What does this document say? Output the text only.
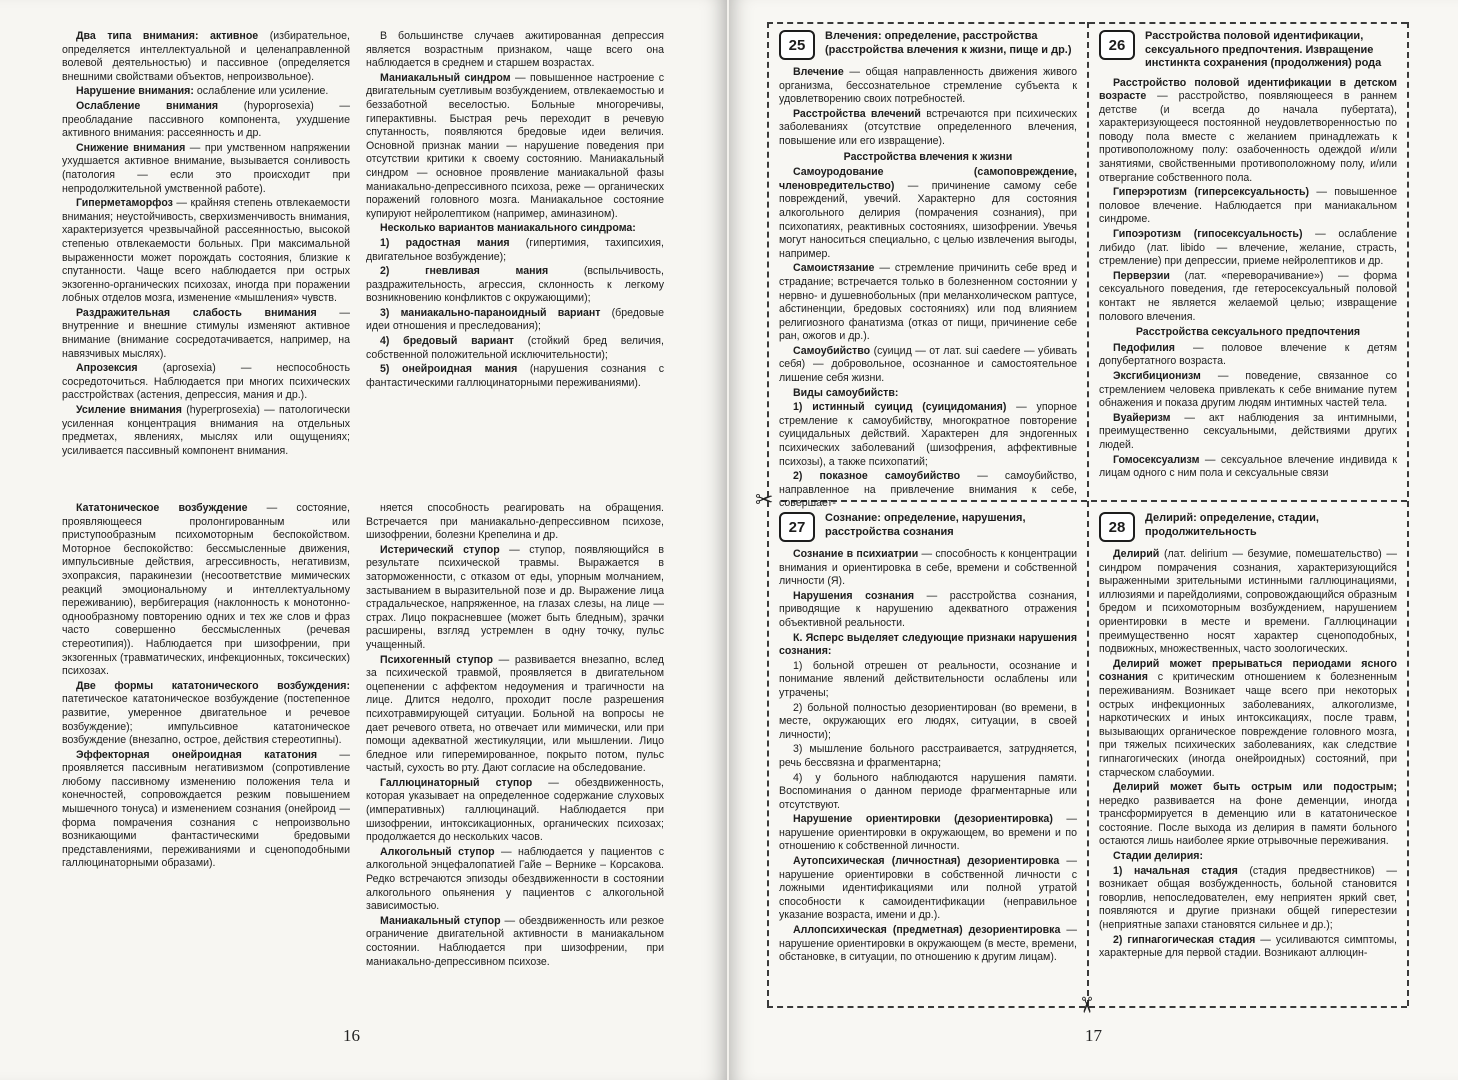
Два типа внимания: активное (избирательное, определяется интеллектуальной и целенаправленной волевой деятельностью) и пассивное (определяется внешними свойствами объектов, непроизвольное).

Нарушение внимания: ослабление или усиление.

Ослабление внимания (hypoprosexia) — преобладание пассивного компонента, ухудшение активного внимания: рассеянность и др.

Снижение внимания — при умственном напряжении ухудшается активное внимание, вызывается сонливость (патология — если это происходит при непродолжительной умственной работе).

Гиперметаморфоз — крайняя степень отвлекаемости внимания; неустойчивость, сверхизменчивость внимания, характеризуется чрезвычайной рассеянностью, высокой степенью отвлекаемости больных. При максимальной выраженности может порождать состояния, близкие к спутанности. Чаще всего наблюдается при острых экзогенно-органических психозах, иногда при поражении лобных отделов мозга, изменение «мышления» чувств.

Раздражительная слабость внимания — внутренние и внешние стимулы изменяют активное внимание (внимание сосредотачивается, например, на навязчивых мыслях).

Апрозексия (aprosexia) — неспособность сосредоточиться. Наблюдается при многих психических расстройствах (астения, депрессия, мания и др.).

Усиление внимания (hyperprosexia) — патологически усиленная концентрация внимания на отдельных предметах, явлениях, мыслях или ощущениях; усиливается пассивный компонент внимания.

В большинстве случаев ажитированная депрессия является возрастным признаком, чаще всего она наблюдается в среднем и старшем возрастах.

Маниакальный синдром — повышенное настроение с двигательным суетливым возбуждением, отвлекаемостью и беззаботной веселостью. Больные многоречивы, гиперактивны. Быстрая речь переходит в речевую спутанность, появляются бредовые идеи величия. Основной признак мании — нарушение поведения при отсутствии критики к своему состоянию. Маниакальный синдром — основное проявление маниакальной фазы маниакально-депрессивного психоза, реже — органических поражений головного мозга. Маниакальное состояние купируют нейролептиком (например, аминазином).

Несколько вариантов маниакального синдрома:

1) радостная мания (гипертимия, тахипсихия, двигательное возбуждение);

2) гневливая мания (вспыльчивость, раздражительность, агрессия, склонность к легкому возникновению конфликтов с окружающими);

3) маниакально-параноидный вариант (бредовые идеи отношения и преследования);

4) бредовый вариант (стойкий бред величия, собственной положительной исключительности);

5) онейроидная мания (нарушения сознания с фантастическими галлюцинаторными переживаниями).

Кататоническое возбуждение — состояние, проявляющееся пролонгированным или приступообразным психомоторным беспокойством. Моторное беспокойство: бессмысленные движения, импульсивные действия, агрессивность, негативизм, эхопраксия, паракинезии (несоответствие мимических реакций эмоциональному и интеллектуальному переживанию), вербигерация (наклонность к монотонно-однообразному повторению одних и тех же слов и фраз часто совершенно бессмысленных (речевая стереотипия)). Наблюдается при шизофрении, при экзогенных (травматических, инфекционных, токсических) психозах.

Две формы кататонического возбуждения: патетическое кататоническое возбуждение (постепенное развитие, умеренное двигательное и речевое возбуждение); импульсивное кататоническое возбуждение (внезапно, острое, действия стереотипны).

Эффекторная онейроидная кататония — проявляется пассивным негативизмом (сопротивление любому пассивному изменению положения тела и конечностей, сопровождается резким повышением мышечного тонуса) и изменением сознания (онейроид — форма помрачения сознания с непроизвольно возникающими фантастическими бредовыми представлениями, переживаниями и сценоподобными галлюцинаторными образами).

няется способность реагировать на обращения. Встречается при маниакально-депрессивном психозе, шизофрении, болезни Крепелина и др.

Истерический ступор — ступор, появляющийся в результате психической травмы. Выражается в заторможенности, с отказом от еды, упорным молчанием, застыванием в выразительной позе и др. Выражение лица страдальческое, напряженное, на глазах слезы, на лице — страх. Лицо покрасневшее (может быть бледным), зрачки расширены, взгляд устремлен в одну точку, пульс учащенный.

Психогенный ступор — развивается внезапно, вслед за психической травмой, проявляется в двигательном оцепенении с аффектом недоумения и трагичности на лице. Длится недолго, проходит после разрешения психотравмирующей ситуации. Больной на вопросы не дает речевого ответа, но отвечает или мимически, или при помощи адекватной жестикуляции, или мышлении. Лицо бледное или гиперемированное, покрыто потом, пульс частый, сухость во рту. Дают согласие на обследование.

Галлюцинаторный ступор — обездвиженность, которая указывает на определенное содержание слуховых (императивных) галлюцинаций. Наблюдается при шизофрении, интоксикационных, органических психозах; продолжается до нескольких часов.

Алкогольный ступор — наблюдается у пациентов с алкогольной энцефалопатией Гайе – Вернике – Корсакова. Редко встречаются эпизоды обездвиженности в состоянии алкогольного опьянения у пациентов с алкогольной зависимостью.

Маниакальный ступор — обездвиженность или резкое ограничение двигательной активности в маниакальном состоянии. Наблюдается при шизофрении, при маниакально-депрессивном психозе.

16
✂
✂
25
Влечения: определение, расстройства (расстройства влечения к жизни, пище и др.)

Влечение — общая направленность движения живого организма, бессознательное стремление субъекта к удовлетворению своих потребностей.

Расстройства влечений встречаются при психических заболеваниях (отсутствие определенного влечения, повышение или его извращение).

Расстройства влечения к жизни

Самоуродование (самоповреждение, членовредительство) — причинение самому себе повреждений, увечий. Характерно для состояния алкогольного делирия (помрачения сознания), при психопатиях, реактивных состояниях, шизофрении. Увечья могут наноситься специально, с целью извлечения выгоды, например.

Самоистязание — стремление причинить себе вред и страдание; встречается только в болезненном состоянии у нервно- и душевнобольных (при меланхолическом раптусе, абстиненции, бредовых состояниях) или под влиянием религиозного фанатизма (отказ от пищи, причинение себе ран, ожогов и др.).

Самоубийство (суицид — от лат. sui caedere — убивать себя) — добровольное, осознанное и самостоятельное лишение себя жизни.

Виды самоубийств:

1) истинный суицид (суицидомания) — упорное стремление к самоубийству, многократное повторение суицидальных действий. Характерен для эндогенных психических заболеваний (шизофрения, аффективные психозы), а также психопатий;

2) показное самоубийство — самоубийство, направленное на привлечение внимания к себе, совершает-

26
Расстройства половой идентификации, сексуального предпочтения. Извращение инстинкта сохранения (продолжения) рода

Расстройство половой идентификации в детском возрасте — расстройство, появляющееся в раннем детстве (и всегда до начала пубертата), характеризующееся постоянной неудовлетворенностью по поводу пола вместе с желанием принадлежать к противоположному полу: озабоченность одеждой и/или занятиями, свойственными противоположному полу, и/или отвергание собственного пола.

Гиперэротизм (гиперсексуальность) — повышенное половое влечение. Наблюдается при маниакальном синдроме.

Гипоэротизм (гипосексуальность) — ослабление либидо (лат. libido — влечение, желание, страсть, стремление) при депрессии, приеме нейролептиков и др.

Перверзии (лат. «переворачивание») — форма сексуального поведения, где гетеросексуальный половой контакт не является желаемой целью; извращение полового влечения.

Расстройства сексуального предпочтения

Педофилия — половое влечение к детям допубертатного возраста.

Эксгибиционизм — поведение, связанное со стремлением человека привлекать к себе внимание путем обнажения и показа другим людям интимных частей тела.

Вуайеризм — акт наблюдения за интимными, преимущественно сексуальными, действиями других людей.

Гомосексуализм — сексуальное влечение индивида к лицам одного с ним пола и сексуальные связи

27
Сознание: определение, нарушения, расстройства сознания

Сознание в психиатрии — способность к концентрации внимания и ориентировка в себе, времени и собственной личности (Я).

Нарушения сознания — расстройства сознания, приводящие к нарушению адекватного отражения объективной реальности.

К. Ясперс выделяет следующие признаки нарушения сознания:

1) больной отрешен от реальности, осознание и понимание явлений действительности ослаблены или утрачены;

2) больной полностью дезориентирован (во времени, в месте, окружающих его людях, ситуации, в своей личности);

3) мышление больного расстраивается, затрудняется, речь бессвязна и фрагментарна;

4) у больного наблюдаются нарушения памяти. Воспоминания о данном периоде фрагментарные или отсутствуют.

Нарушение ориентировки (дезориентировка) — нарушение ориентировки в окружающем, во времени и по отношению к собственной личности.

Аутопсихическая (личностная) дезориентировка — нарушение ориентировки в собственной личности с ложными идентификациями или полной утратой способности к самоидентификации (неправильное указание возраста, имени и др.).

Аллопсихическая (предметная) дезориентировка — нарушение ориентировки в окружающем (в месте, времени, обстановке, в ситуации, по отношению к другим лицам).

28
Делирий: определение, стадии, продолжительность

Делирий (лат. delirium — безумие, помешательство) — синдром помрачения сознания, характеризующийся выраженными зрительными истинными галлюцинациями, иллюзиями и парейдолиями, сопровождающийся образным бредом и психомоторным возбуждением, нарушением ориентировки в месте и времени. Галлюцинации преимущественно носят характер сценоподобных, подвижных, множественных, часто зоологических.

Делирий может прерываться периодами ясного сознания с критическим отношением к болезненным переживаниям. Возникает чаще всего при некоторых острых инфекционных заболеваниях, алкоголизме, наркотических и иных интоксикациях, после травм, вызывающих органическое повреждение головного мозга, при тяжелых психических заболеваниях, как следствие гипнагогических (иногда онейроидных) состояний, при старческом слабоумии.

Делирий может быть острым или подострым; нередко развивается на фоне деменции, иногда трансформируется в деменцию или в кататоническое состояние. После выхода из делирия в памяти больного остаются лишь наиболее яркие отрывочные переживания.

Стадии делирия:

1) начальная стадия (стадия предвестников) — возникает общая возбужденность, больной становится говорлив, непоследователен, ему неприятен яркий свет, появляются и другие признаки общей гиперестезии (неприятные запахи становятся сильнее и др.);

2) гипнагогическая стадия — усиливаются симптомы, характерные для первой стадии. Возникают аллюцин-

17
